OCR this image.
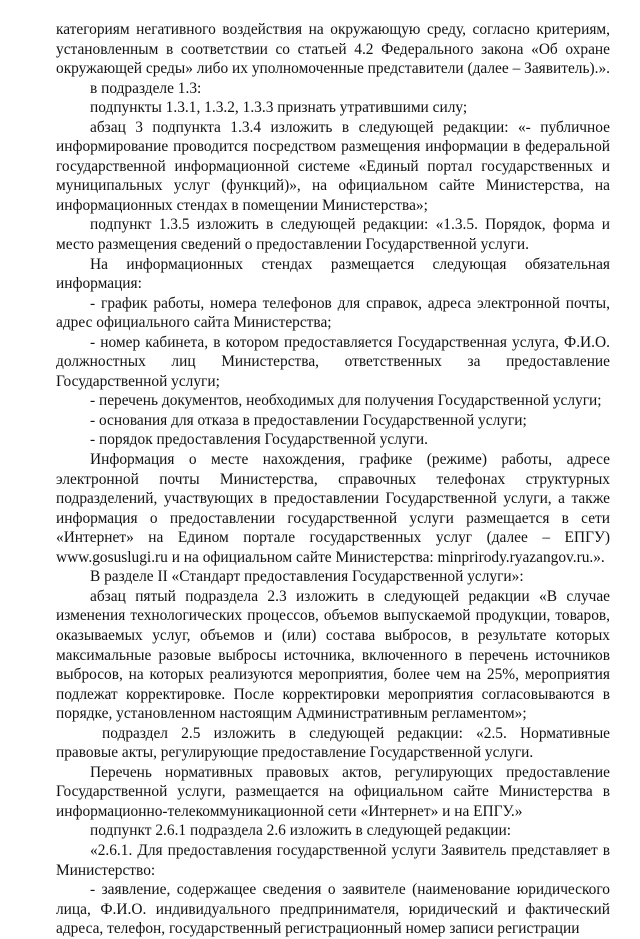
категориям негативного воздействия на окружающую среду, согласно критериям, установленным в соответствии со статьей 4.2 Федерального закона «Об охране окружающей среды» либо их уполномоченные представители (далее – Заявитель).».

в подразделе 1.3:

подпункты 1.3.1, 1.3.2, 1.3.3 признать утратившими силу;

абзац 3 подпункта 1.3.4 изложить в следующей редакции: «- публичное информирование проводится посредством размещения информации в федеральной государственной информационной системе «Единый портал государственных и муниципальных услуг (функций)», на официальном сайте Министерства, на информационных стендах в помещении Министерства»;

подпункт 1.3.5 изложить в следующей редакции: «1.3.5. Порядок, форма и место размещения сведений о предоставлении Государственной услуги.

На информационных стендах размещается следующая обязательная информация:

- график работы, номера телефонов для справок, адреса электронной почты, адрес официального сайта Министерства;

- номер кабинета, в котором предоставляется Государственная услуга, Ф.И.О. должностных лиц Министерства, ответственных за предоставление Государственной услуги;

- перечень документов, необходимых для получения Государственной услуги;

- основания для отказа в предоставлении Государственной услуги;

- порядок предоставления Государственной услуги.

Информация о месте нахождения, графике (режиме) работы, адресе электронной почты Министерства, справочных телефонах структурных подразделений, участвующих в предоставлении Государственной услуги, а также информация о предоставлении государственной услуги размещается в сети «Интернет» на Едином портале государственных услуг (далее – ЕПГУ) www.gosuslugi.ru и на официальном сайте Министерства: minprirody.ryazangov.ru.».

В разделе II «Стандарт предоставления Государственной услуги»:

абзац пятый подраздела 2.3 изложить в следующей редакции «В случае изменения технологических процессов, объемов выпускаемой продукции, товаров, оказываемых услуг, объемов и (или) состава выбросов, в результате которых максимальные разовые выбросы источника, включенного в перечень источников выбросов, на которых реализуются мероприятия, более чем на 25%, мероприятия подлежат корректировке. После корректировки мероприятия согласовываются в порядке, установленном настоящим Административным регламентом»;

подраздел 2.5 изложить в следующей редакции: «2.5. Нормативные правовые акты, регулирующие предоставление Государственной услуги.

Перечень нормативных правовых актов, регулирующих предоставление Государственной услуги, размещается на официальном сайте Министерства в информационно-телекоммуникационной сети «Интернет» и на ЕПГУ.»

подпункт 2.6.1 подраздела 2.6 изложить в следующей редакции:

«2.6.1. Для предоставления государственной услуги Заявитель представляет в Министерство:

- заявление, содержащее сведения о заявителе (наименование юридического лица, Ф.И.О. индивидуального предпринимателя, юридический и фактический адреса, телефон, государственный регистрационный номер записи регистрации
